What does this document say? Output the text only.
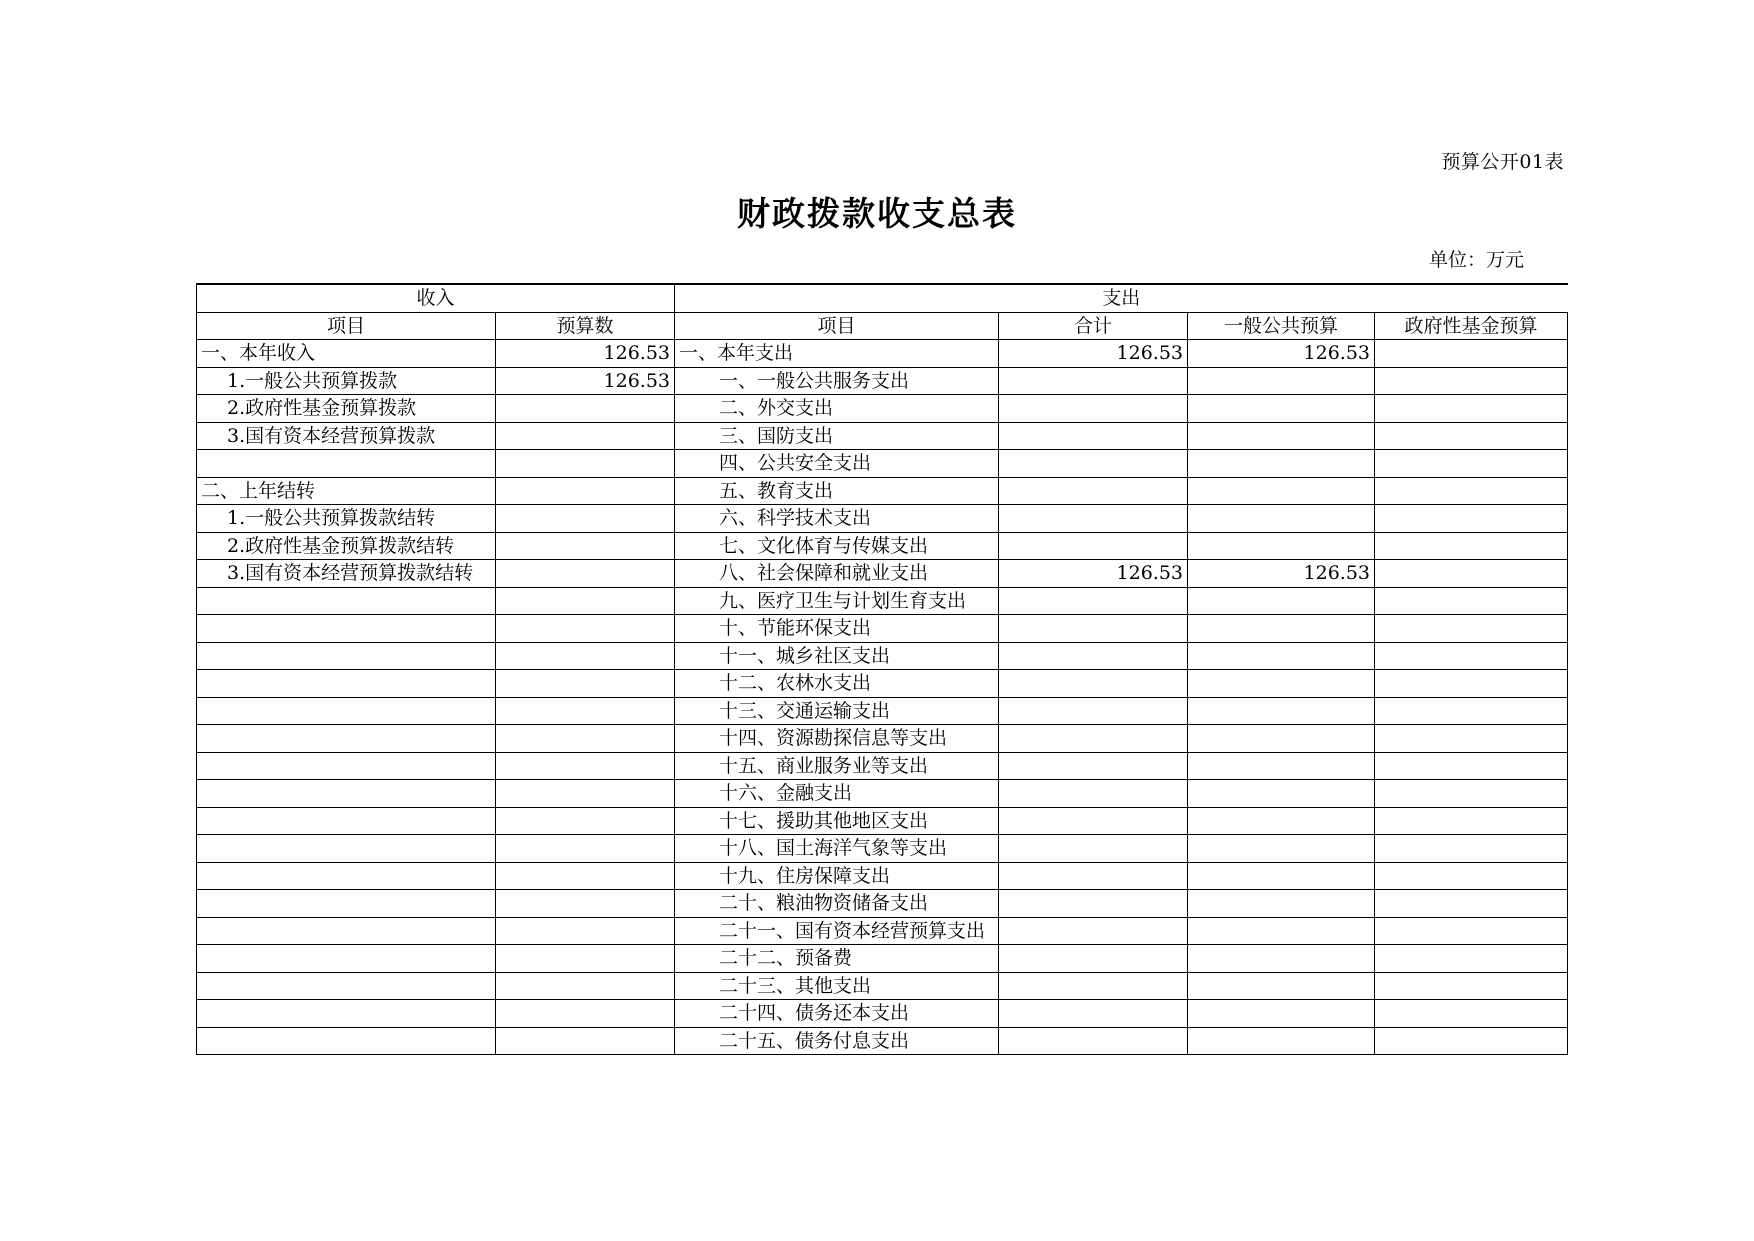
预算公开01表
财政拨款收支总表
单位：万元
收入		支出			
项目	预算数	项目	合计	一般公共预算	政府性基金预算
一、本年收入	126.53	一、本年支出	126.53	126.53	
1.一般公共预算拨款	126.53	一、一般公共服务支出			
2.政府性基金预算拨款		二、外交支出			
3.国有资本经营预算拨款		三、国防支出			
		四、公共安全支出			
二、上年结转		五、教育支出			
1.一般公共预算拨款结转		六、科学技术支出			
2.政府性基金预算拨款结转		七、文化体育与传媒支出			
3.国有资本经营预算拨款结转		八、社会保障和就业支出	126.53	126.53	
		九、医疗卫生与计划生育支出			
		十、节能环保支出			
		十一、城乡社区支出			
		十二、农林水支出			
		十三、交通运输支出			
		十四、资源勘探信息等支出			
		十五、商业服务业等支出			
		十六、金融支出			
		十七、援助其他地区支出			
		十八、国土海洋气象等支出			
		十九、住房保障支出			
		二十、粮油物资储备支出			
		二十一、国有资本经营预算支出			
		二十二、预备费			
		二十三、其他支出			
		二十四、债务还本支出			
		二十五、债务付息支出			
